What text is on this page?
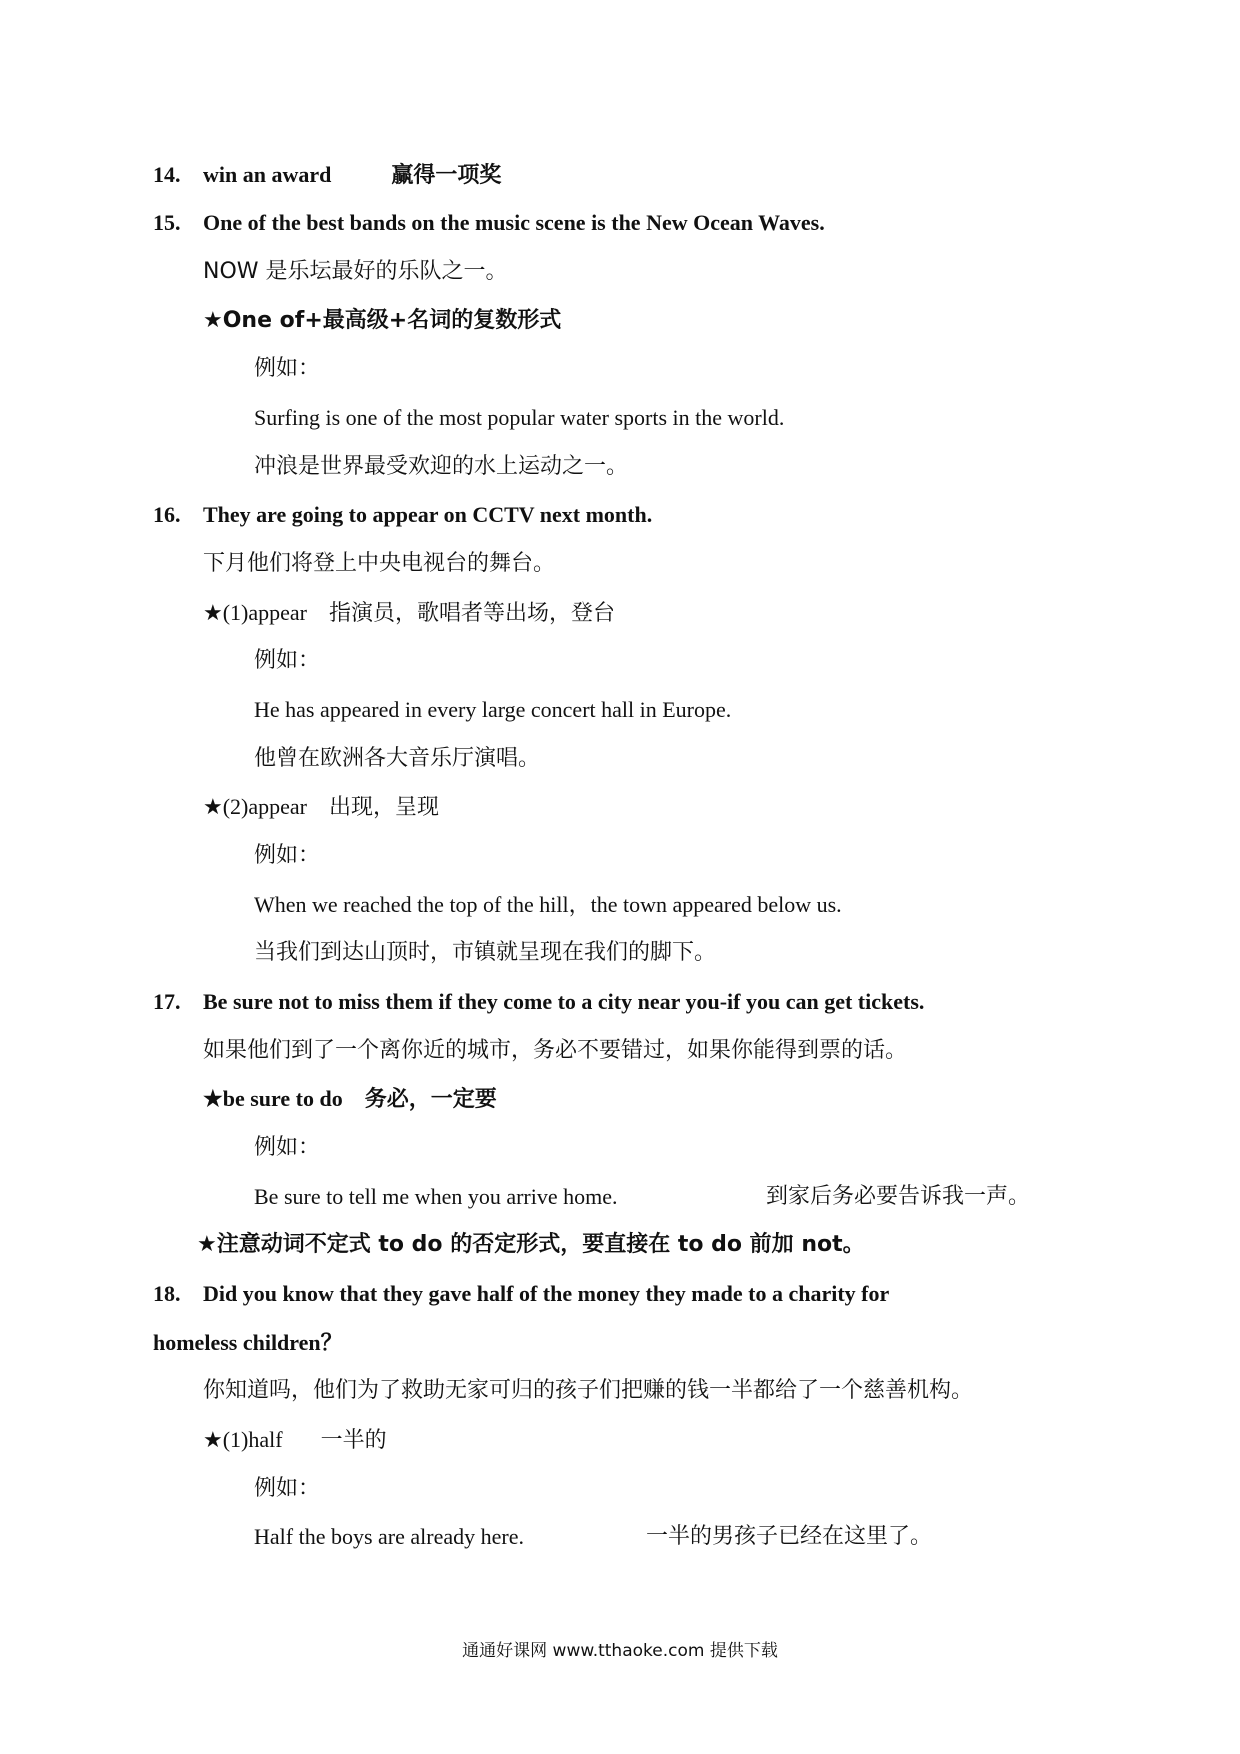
14. win an award	赢得一项奖
15. One of the best bands on the music scene is the New Ocean Waves.
NOW 是乐坛最好的乐队之一。
★One of+最高级+名词的复数形式
例如：
Surfing is one of the most popular water sports in the world.
冲浪是世界最受欢迎的水上运动之一。
16. They are going to appear on CCTV next month.
下月他们将登上中央电视台的舞台。
★(1)appear 指演员，歌唱者等出场，登台
例如：
He has appeared in every large concert hall in Europe.
他曾在欧洲各大音乐厅演唱。
★(2)appear 出现，呈现
例如：
When we reached the top of the hill，the town appeared below us.
当我们到达山顶时，市镇就呈现在我们的脚下。
17. Be sure not to miss them if they come to a city near you-if you can get tickets.
如果他们到了一个离你近的城市，务必不要错过，如果你能得到票的话。
★be sure to do 务必，一定要
例如：
Be sure to tell me when you arrive home.	到家后务必要告诉我一声。
★注意动词不定式 to do 的否定形式，要直接在 to do 前加 not。
18. Did you know that they gave half of the money they made to a charity for
homeless children？
你知道吗，他们为了救助无家可归的孩子们把赚的钱一半都给了一个慈善机构。
★(1)half 一半的
例如：
Half the boys are already here.	一半的男孩子已经在这里了。
通通好课网 www.tthaoke.com 提供下载
